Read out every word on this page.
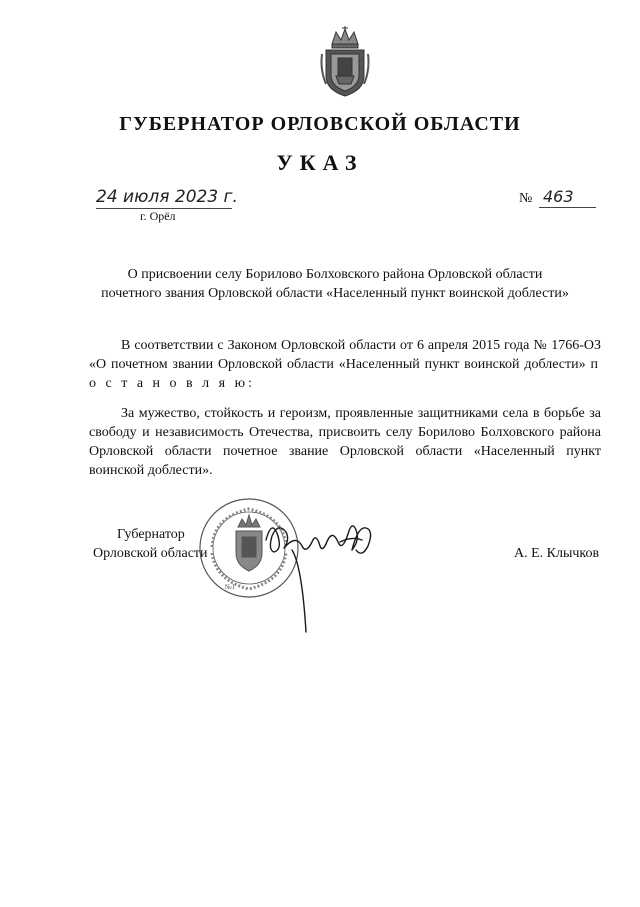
ГУБЕРНАТОР ОРЛОВСКОЙ ОБЛАСТИ
УКАЗ
24 июля 2023 г.
г. Орёл
№ 463
О присвоении селу Борилово Болховского района Орловской области
почетного звания Орловской области «Населенный пункт воинской доблести»

В соответствии с Законом Орловской области от 6 апреля 2015 года № 1766-ОЗ «О почетном звании Орловской области «Населенный пункт воинской доблести» п о с т а н о в л я ю:

За мужество, стойкость и героизм, проявленные защитниками села в борьбе за свободу и независимость Отечества, присвоить селу Борилово Болховского района Орловской области почетное звание Орловской области «Населенный пункт воинской доблести».

Губернатор
Орловской области	А. Е. Клычков
№1
